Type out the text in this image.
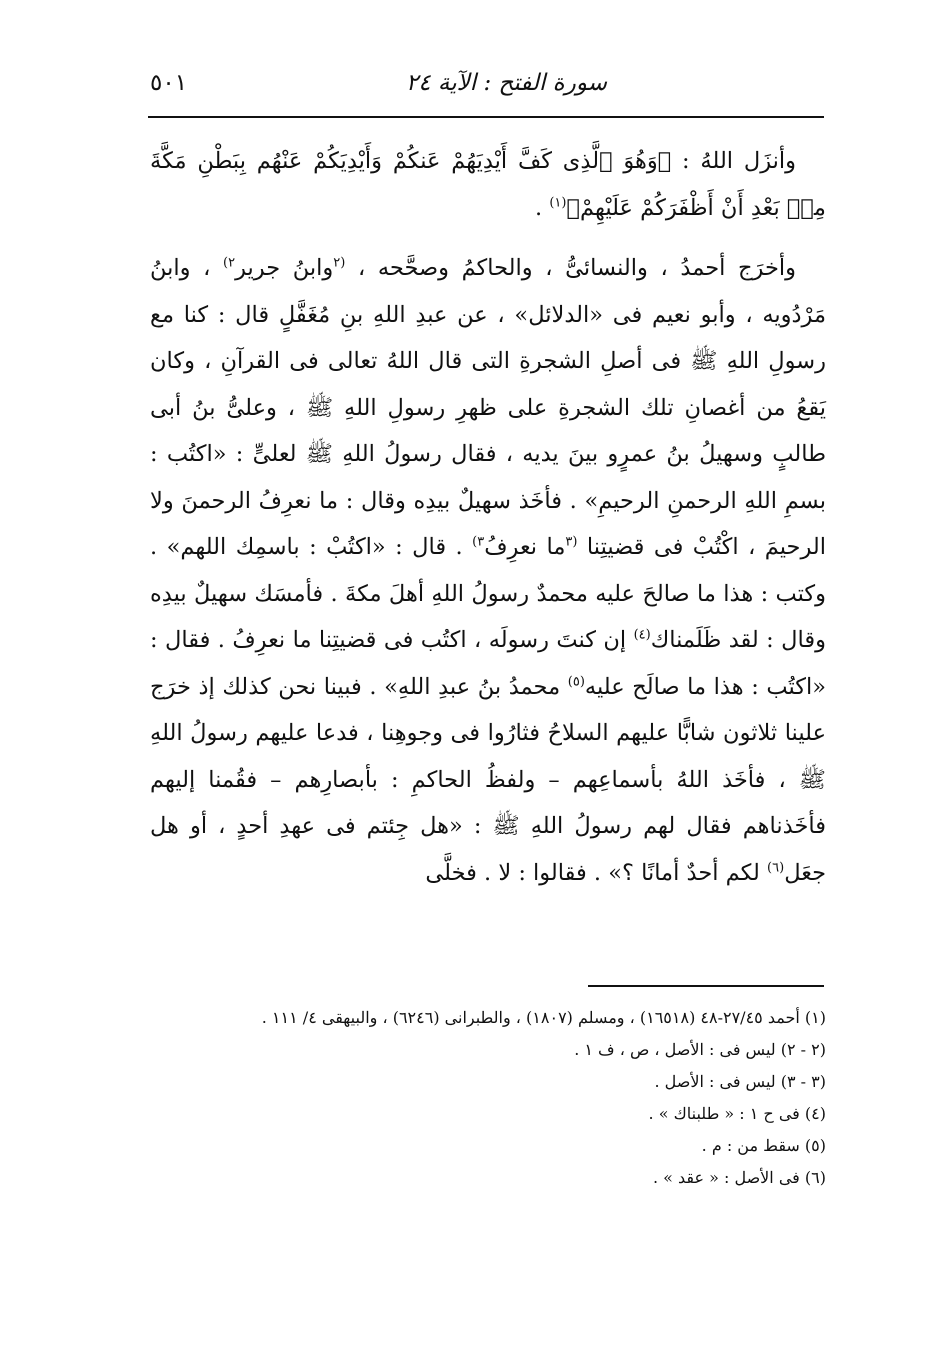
سورة الفتح : الآية ٢٤
٥٠١

وأنزَل اللهُ : ﴿وَهُوَ ٱلَّذِى كَفَّ أَيْدِيَهُمْ عَنكُمْ وَأَيْدِيَكُمْ عَنْهُم بِبَطْنِ مَكَّةَ مِنۢ بَعْدِ أَنْ أَظْفَرَكُمْ عَلَيْهِمْ﴾$^{(١)}$ .

وأخرَج أحمدُ ، والنسائىُّ ، والحاكمُ وصحَّحه ، $^{(٢}$وابنُ جرير$^{٢)}$ ، وابنُ مَرْدُويه ، وأبو نعيم فى «الدلائل» ، عن عبدِ اللهِ بنِ مُغَفَّلٍ قال : كنا مع رسولِ اللهِ ﷺ فى أصلِ الشجرةِ التى قال اللهُ تعالى فى القرآنِ ، وكان يَقعُ من أغصانِ تلك الشجرةِ على ظهرِ رسولِ اللهِ ﷺ ، وعلىُّ بنُ أبى طالبٍ وسهيلُ بنُ عمرٍو بينَ يديه ، فقال رسولُ اللهِ ﷺ لعلىٍّ : «اكتُب : بسمِ اللهِ الرحمنِ الرحيمِ» . فأخَذ سهيلٌ بيدِه وقال : ما نعرِفُ الرحمنَ ولا الرحيمَ ، اكْتُبْ فى قضيتِنا $^{(٣}$ما نعرِفُ$^{٣)}$ . قال : «اكتُبْ : باسمِك اللهم» . وكتب : هذا ما صالحَ عليه محمدٌ رسولُ اللهِ أهلَ مكةَ . فأمسَك سهيلٌ بيدِه وقال : لقد ظَلَمناك$^{(٤)}$ إن كنتَ رسولَه ، اكتُب فى قضيتِنا ما نعرِفُ . فقال : «اكتُب : هذا ما صالَح عليه$^{(٥)}$ محمدُ بنُ عبدِ اللهِ» . فبينا نحن كذلك إذ خرَج علينا ثلاثون شابًّا عليهم السلاحُ فثارُوا فى وجوهِنا ، فدعا عليهم رسولُ اللهِ ﷺ ، فأخَذ اللهُ بأسماعِهم – ولفظُ الحاكمِ : بأبصارِهم – فقُمنا إليهم فأخَذناهم فقال لهم رسولُ اللهِ ﷺ : «هل جِئتم فى عهدِ أحدٍ ، أو هل جعَل$^{(٦)}$ لكم أحدٌ أمانًا ؟» . فقالوا : لا . فخلَّى

(١) أحمد ٢٧/٤٥-٤٨ (١٦٥١٨) ، ومسلم (١٨٠٧) ، والطبرانى (٦٢٤٦) ، والبيهقى ٤/ ١١١ .
(٢ - ٢) ليس فى : الأصل ، ص ، ف ١ .
(٣ - ٣) ليس فى : الأصل .
(٤) فى ح ١ : « طلبناك » .
(٥) سقط من : م .
(٦) فى الأصل : « عقد » .
